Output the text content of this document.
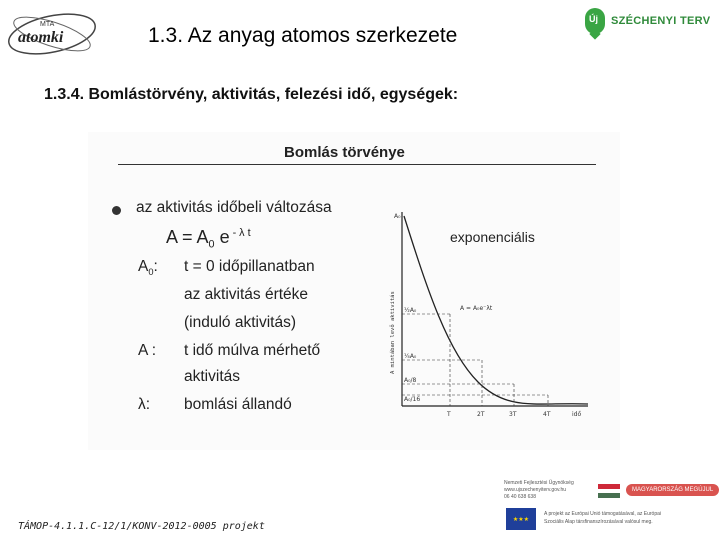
MTA
atomki	1.3. Az anyag atomos szerkezete
Új SZÉCHENYI TERV
1.3.4. Bomlástörvény, aktivitás, felezési idő, egységek:
Bomlás törvénye
az aktivitás időbeli változása
$A = A_0$ e $^{- \lambda t}$
$A_0$: t = 0 időpillanatban
az aktivitás értéke
(induló aktivitás)
A : t idő múlva mérhető
aktivitás
λ: bomlási állandó
A mintában levő aktivitás
A₀
½A₀
¼A₀
A₀/8
A₀/16
T	2T	3T	4T	idő
A = A₀e⁻λt
exponenciális
TÁMOP-4.1.1.C-12/1/KONV-2012-0005 projekt
Nemzeti Fejlesztési Ügynökség
www.ujszechenyiterv.gov.hu
06 40 638 638
MAGYARORSZÁG MEGÚJUL
★★★
A projekt az Európai Unió támogatásával, az Európai
Szociális Alap társfinanszírozásával valósul meg.
